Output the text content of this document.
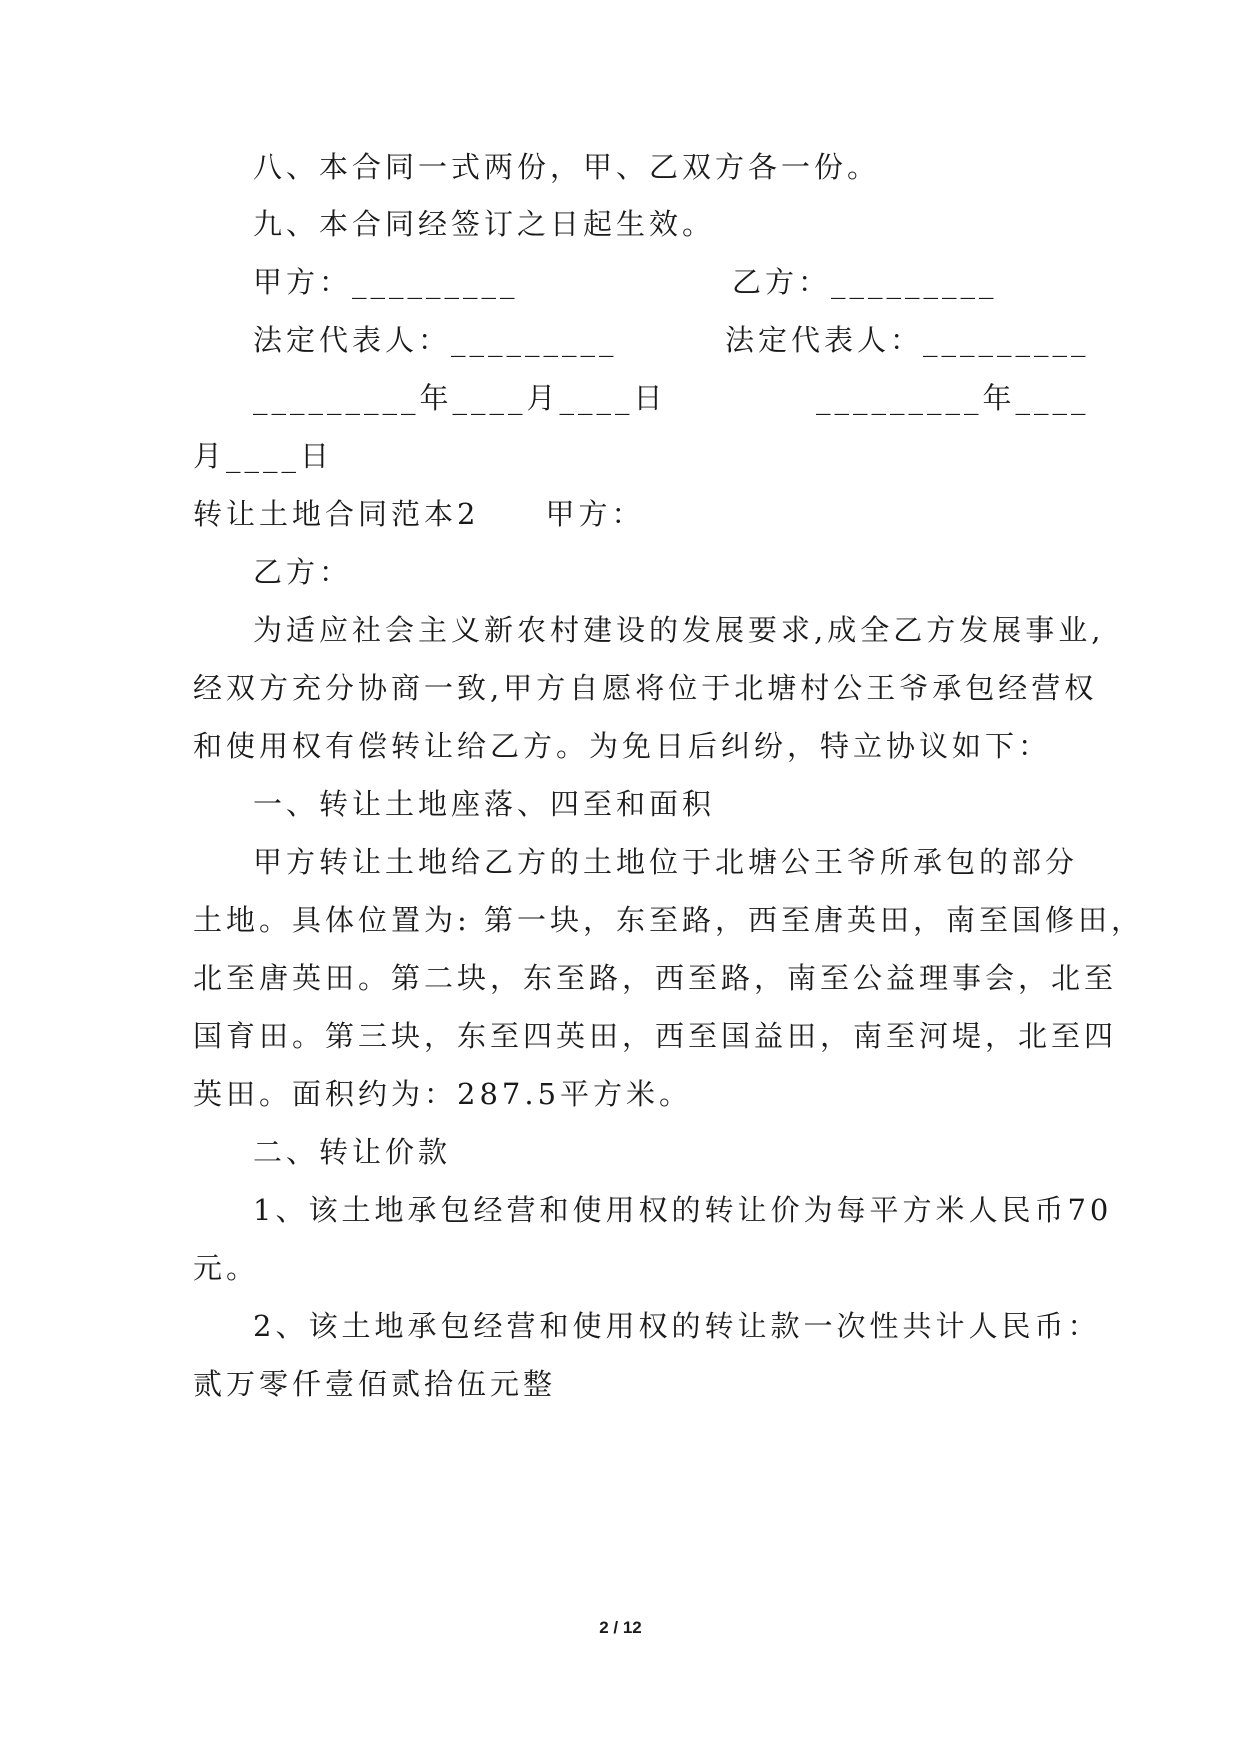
八、本合同一式两份，甲、乙双方各一份。
九、本合同经签订之日起生效。
甲方：_________	乙方：_________
法定代表人：_________	法定代表人：_________
_________年____月____日	_________年____
月____日
转让土地合同范本2　　甲方：
乙方：
为适应社会主义新农村建设的发展要求,成全乙方发展事业,
经双方充分协商一致,甲方自愿将位于北塘村公王爷承包经营权
和使用权有偿转让给乙方。为免日后纠纷，特立协议如下：
一、转让土地座落、四至和面积
甲方转让土地给乙方的土地位于北塘公王爷所承包的部分
土地。具体位置为: 第一块，东至路，西至唐英田，南至国修田，
北至唐英田。第二块，东至路，西至路，南至公益理事会，北至
国育田。第三块，东至四英田，西至国益田，南至河堤，北至四
英田。面积约为：287.5平方米。
二、转让价款
1、该土地承包经营和使用权的转让价为每平方米人民币70
元。
2、该土地承包经营和使用权的转让款一次性共计人民币：
贰万零仟壹佰贰拾伍元整
2 / 12
